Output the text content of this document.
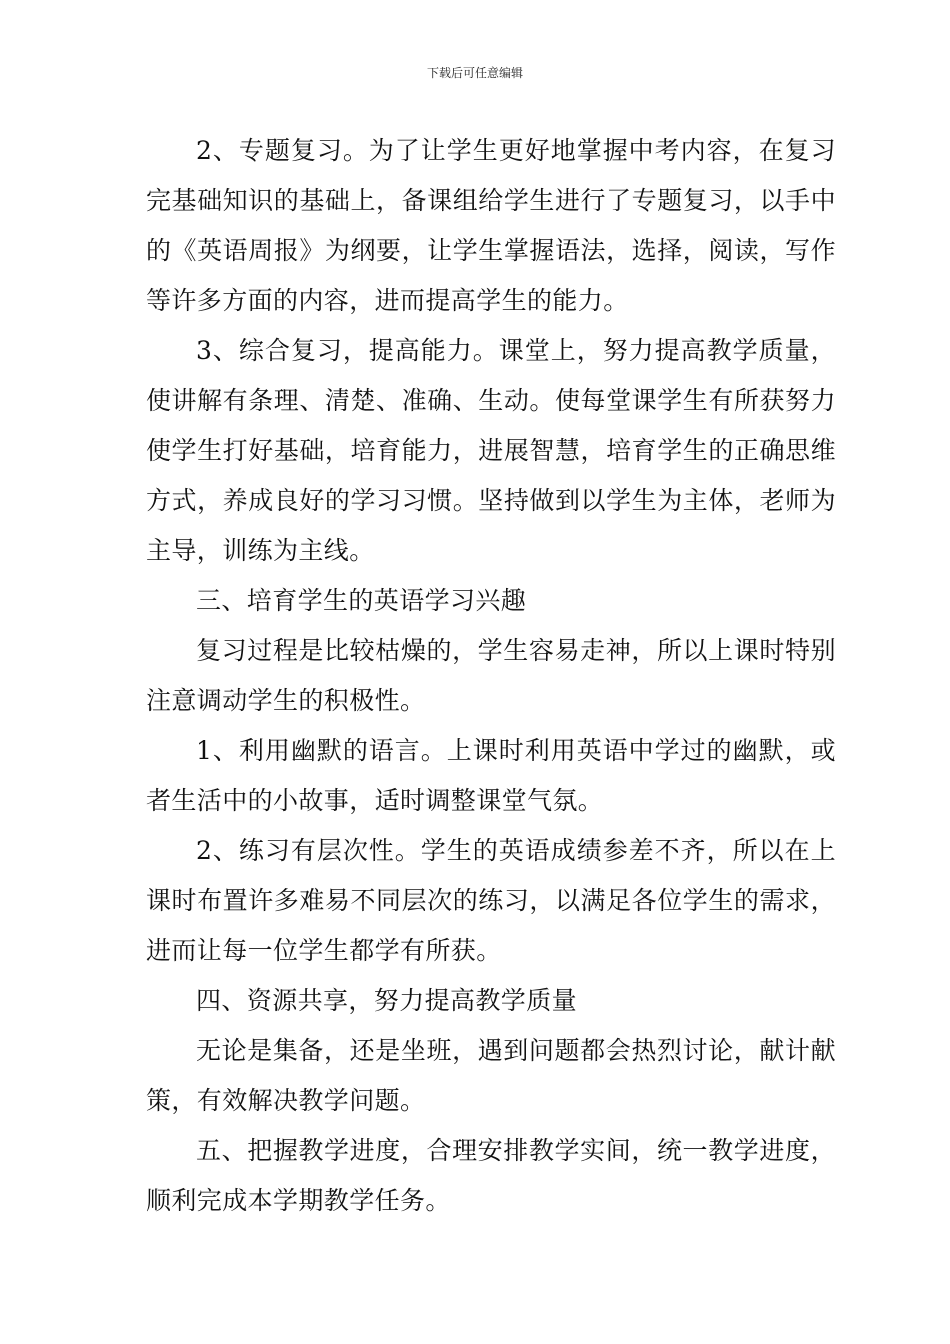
下载后可任意编辑

2、专题复习。为了让学生更好地掌握中考内容，在复习完基础知识的基础上，备课组给学生进行了专题复习，以手中的《英语周报》为纲要，让学生掌握语法，选择，阅读，写作等许多方面的内容，进而提高学生的能力。

3、综合复习，提高能力。课堂上，努力提高教学质量，使讲解有条理、清楚、准确、生动。使每堂课学生有所获努力使学生打好基础，培育能力，进展智慧，培育学生的正确思维方式，养成良好的学习习惯。坚持做到以学生为主体，老师为主导，训练为主线。

三、培育学生的英语学习兴趣

复习过程是比较枯燥的，学生容易走神，所以上课时特别注意调动学生的积极性。

1、利用幽默的语言。上课时利用英语中学过的幽默，或者生活中的小故事，适时调整课堂气氛。

2、练习有层次性。学生的英语成绩参差不齐，所以在上课时布置许多难易不同层次的练习，以满足各位学生的需求，进而让每一位学生都学有所获。

四、资源共享，努力提高教学质量

无论是集备，还是坐班，遇到问题都会热烈讨论，献计献策，有效解决教学问题。

五、把握教学进度，合理安排教学实间，统一教学进度，顺利完成本学期教学任务。
